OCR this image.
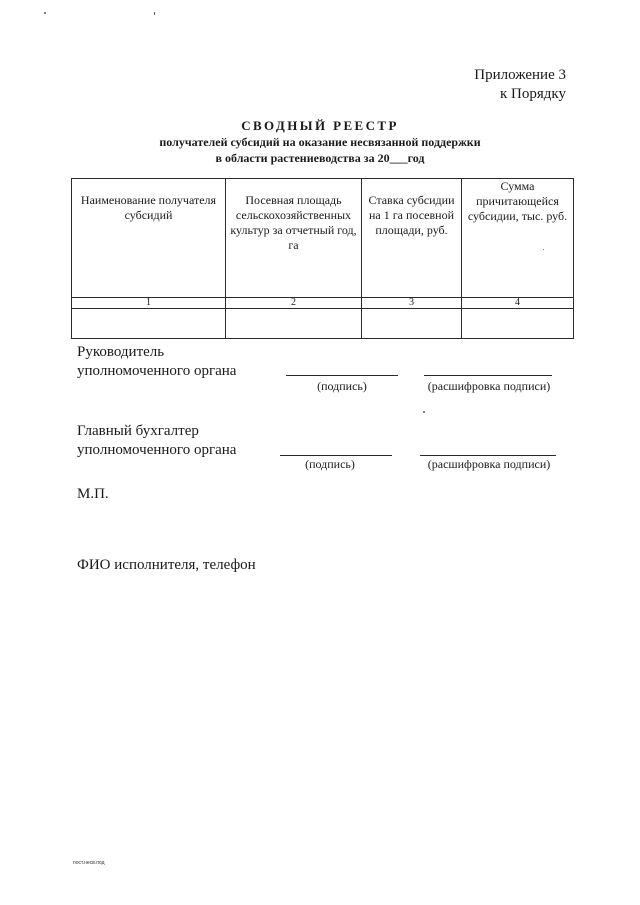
Приложение 3
к Порядку
СВОДНЫЙ РЕЕСТР
получателей субсидий на оказание несвязанной поддержки
в области растениеводства за 20___год
Наименование получателя субсидий	Посевная площадь сельскохозяйственных культур за отчетный год, га	Ставка субсидии на 1 га посевной площади, руб.	Сумма причитающейся субсидии, тыс. руб.
1	2	3	4

Руководитель
уполномоченного органа
(подпись)	(расшифровка подписи)
Главный бухгалтер
уполномоченного органа
(подпись)	(расшифровка подписи)
М.П.
ФИО исполнителя, телефон
пост.несв.под
